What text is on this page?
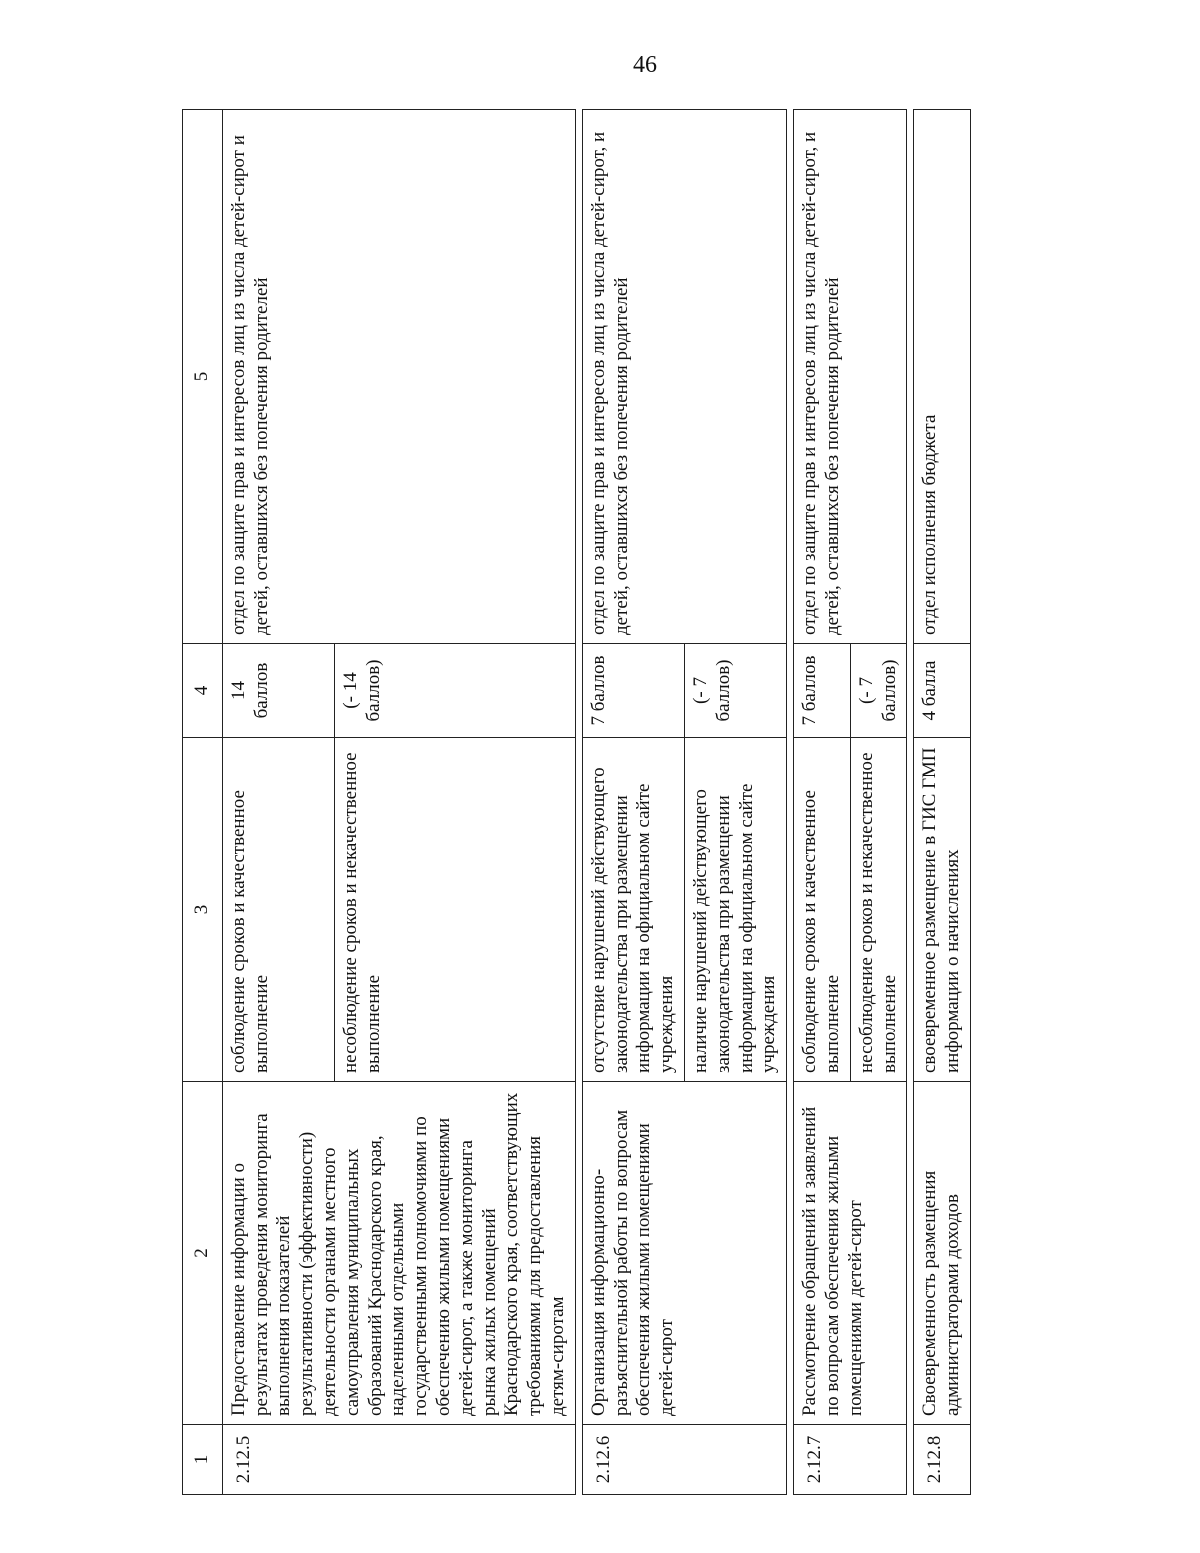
46
1	2	3	4	5
2.12.5	Предоставление информации о результатах проведения мониторинга выполнения показателей результативности (эффективности) деятельности органами местного самоуправления муниципальных образований Краснодарского края, наделенными отдельными государственными полномочиями по обеспечению жилыми помещениями детей-сирот, а также мониторинга рынка жилых помещений Краснодарского края, соответствующих требованиями для предоставления детям-сиротам	соблюдение сроков и качественное выполнение	14 баллов	отдел по защите прав и интересов лиц из числа детей-сирот и детей, оставшихся без попечения родителей
		несоблюдение сроков и некачественное выполнение	(- 14 баллов)	

2.12.6	Организация информационно-разъяснительной работы по вопросам обеспечения жилыми помещениями детей-сирот	отсутствие нарушений действующего законодательства при размещении информации на официальном сайте учреждения	7 баллов	отдел по защите прав и интересов лиц из числа детей-сирот, и детей, оставшихся без попечения родителей
		наличие нарушений действующего законодательства при размещении информации на официальном сайте учреждения	(- 7 баллов)	

2.12.7	Рассмотрение обращений и заявлений по вопросам обеспечения жилыми помещениями детей-сирот	соблюдение сроков и качественное выполнение	7 баллов	отдел по защите прав и интересов лиц из числа детей-сирот, и детей, оставшихся без попечения родителей
		несоблюдение сроков и некачественное выполнение	(- 7 баллов)	

2.12.8	Своевременность размещения администраторами доходов	своевременное размещение в ГИС ГМП информации о начислениях	4 балла	отдел исполнения бюджета
